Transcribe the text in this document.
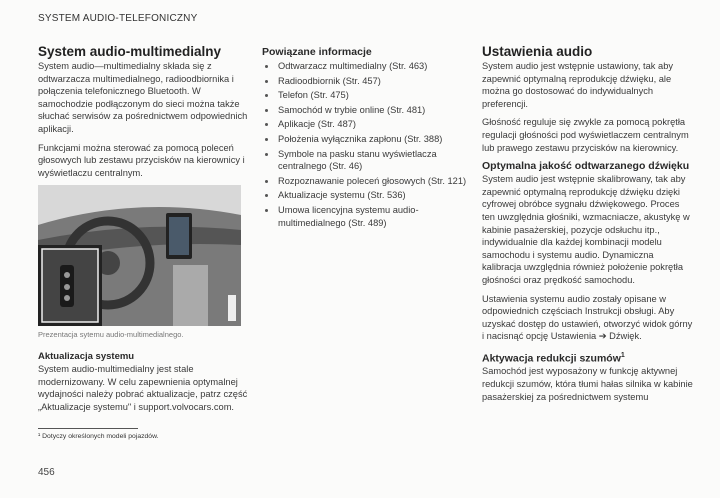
SYSTEM AUDIO-TELEFONICZNY
System audio-multimedialny

System audio—multimedialny składa się z odtwarzacza multimedialnego, radioodbiornika i połączenia telefonicznego Bluetooth. W samochodzie podłączonym do sieci można także słuchać serwisów za pośrednictwem odpowiednich aplikacji.

Funkcjami można sterować za pomocą poleceń głosowych lub zestawu przycisków na kierownicy i wyświetlaczu centralnym.

Prezentacja sytemu audio-multimedialnego.
Aktualizacja systemu

System audio-multimedialny jest stale modernizowany. W celu zapewnienia optymalnej wydajności należy pobrać aktualizacje, patrz część „Aktualizacje systemu" i support.volvocars.com.

Powiązane informacje
Odtwarzacz multimedialny (Str. 463)
Radioodbiornik (Str. 457)
Telefon (Str. 475)
Samochód w trybie online (Str. 481)
Aplikacje (Str. 487)
Położenia wyłącznika zapłonu (Str. 388)
Symbole na pasku stanu wyświetlacza centralnego (Str. 46)
Rozpoznawanie poleceń głosowych (Str. 121)
Aktualizacje systemu (Str. 536)
Umowa licencyjna systemu audio-multimedialnego (Str. 489)
Ustawienia audio

System audio jest wstępnie ustawiony, tak aby zapewnić optymalną reprodukcję dźwięku, ale można go dostosować do indywidualnych preferencji.

Głośność reguluje się zwykle za pomocą pokrętła regulacji głośności pod wyświetlaczem centralnym lub prawego zestawu przycisków na kierownicy.

Optymalna jakość odtwarzanego dźwięku

System audio jest wstępnie skalibrowany, tak aby zapewnić optymalną reprodukcję dźwięku dzięki cyfrowej obróbce sygnału dźwiękowego. Proces ten uwzględnia głośniki, wzmacniacze, akustykę w kabinie pasażerskiej, pozycje odsłuchu itp., indywidualnie dla każdej kombinacji modelu samochodu i systemu audio. Dynamiczna kalibracja uwzględnia również położenie pokrętła głośności oraz prędkość samochodu.

Ustawienia systemu audio zostały opisane w odpowiednich częściach Instrukcji obsługi. Aby uzyskać dostęp do ustawień, otworzyć widok górny i nacisnąć opcję Ustawienia ➔ Dźwięk.

Aktywacja redukcji szumów$^1$

Samochód jest wyposażony w funkcję aktywnej redukcji szumów, która tłumi hałas silnika w kabinie pasażerskiej za pośrednictwem systemu

¹ Dotyczy określonych modeli pojazdów.
456
